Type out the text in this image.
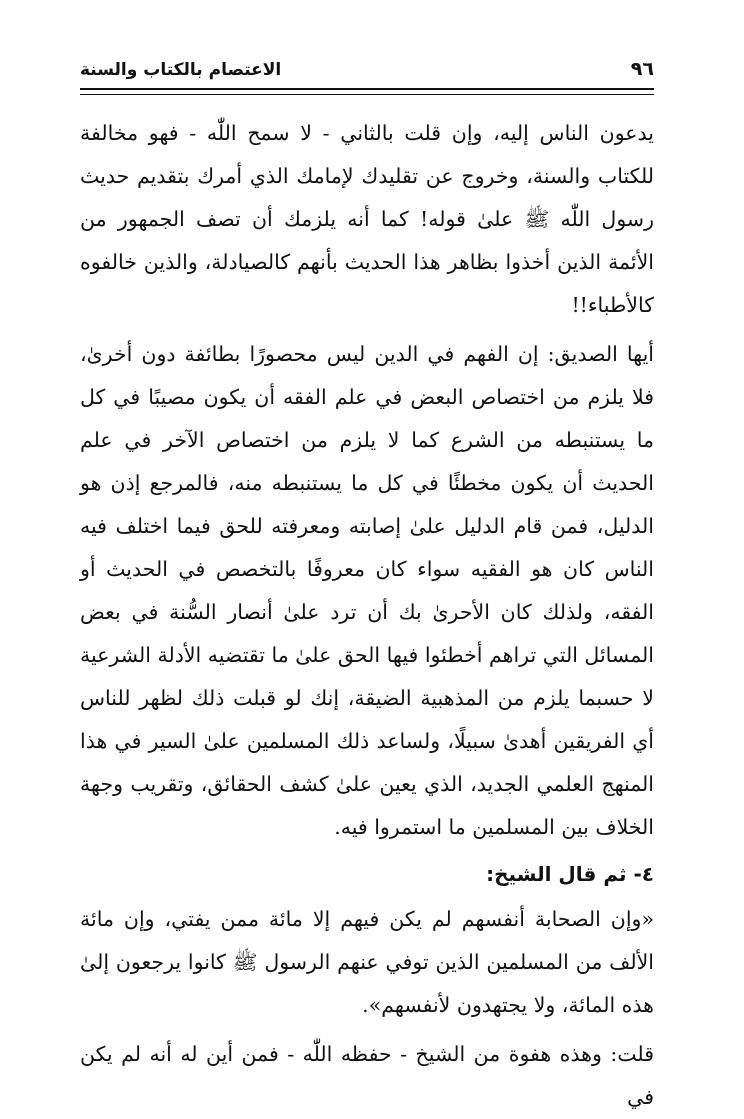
٩٦
الاعتصام بالكتاب والسنة

يدعون الناس إليه، وإن قلت بالثاني - لا سمح اللّٰه - فهو مخالفة للكتاب والسنة، وخروج عن تقليدك لإمامك الذي أمرك بتقديم حديث رسول اللّٰه ﷺ علىٰ قوله! كما أنه يلزمك أن تصف الجمهور من الأئمة الذين أخذوا بظاهر هذا الحديث بأنهم كالصيادلة، والذين خالفوه كالأطباء!!

أيها الصديق: إن الفهم في الدين ليس محصورًا بطائفة دون أخرىٰ، فلا يلزم من اختصاص البعض في علم الفقه أن يكون مصيبًا في كل ما يستنبطه من الشرع كما لا يلزم من اختصاص الآخر في علم الحديث أن يكون مخطئًا في كل ما يستنبطه منه، فالمرجع إذن هو الدليل، فمن قام الدليل علىٰ إصابته ومعرفته للحق فيما اختلف فيه الناس كان هو الفقيه سواء كان معروفًا بالتخصص في الحديث أو الفقه، ولذلك كان الأحرىٰ بك أن ترد علىٰ أنصار السُّنة في بعض المسائل التي تراهم أخطئوا فيها الحق علىٰ ما تقتضيه الأدلة الشرعية لا حسبما يلزم من المذهبية الضيقة، إنك لو قبلت ذلك لظهر للناس أي الفريقين أهدىٰ سبيلًا، ولساعد ذلك المسلمين علىٰ السير في هذا المنهج العلمي الجديد، الذي يعين علىٰ كشف الحقائق، وتقريب وجهة الخلاف بين المسلمين ما استمروا فيه.

٤- ثم قال الشيخ:

«وإن الصحابة أنفسهم لم يكن فيهم إلا مائة ممن يفتي، وإن مائة الألف من المسلمين الذين توفي عنهم الرسول ﷺ كانوا يرجعون إلىٰ هذه المائة، ولا يجتهدون لأنفسهم».

قلت: وهذه هفوة من الشيخ - حفظه اللّٰه - فمن أين له أنه لم يكن في
